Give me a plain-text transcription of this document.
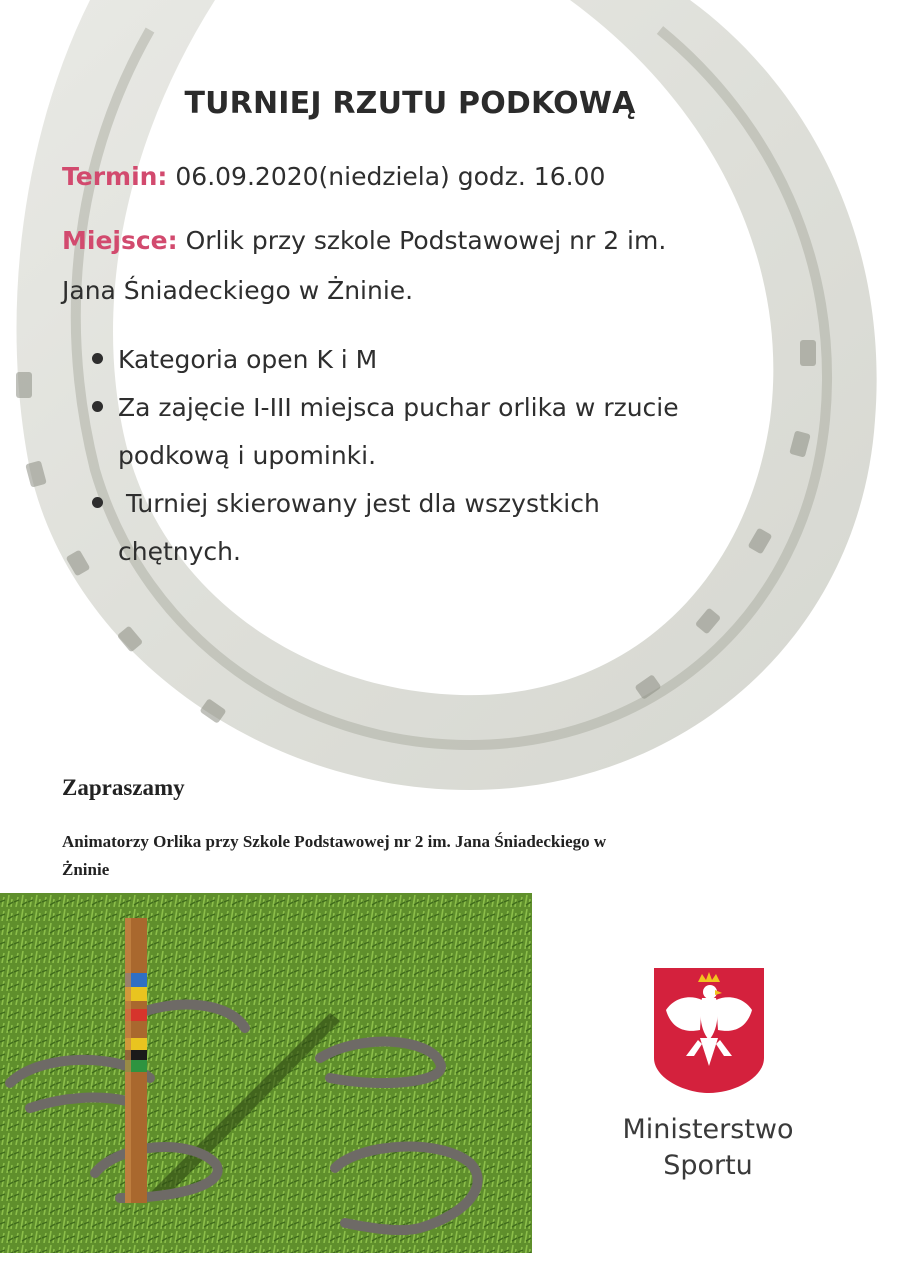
TURNIEJ RZUTU PODKOWĄ
Termin: 06.09.2020(niedziela) godz. 16.00
Miejsce: Orlik przy szkole Podstawowej nr 2 im.
Jana Śniadeckiego w Żninie.
Kategoria open K i M
Za zajęcie I-III miejsca puchar orlika w rzucie
podkową i upominki.
Turniej skierowany jest dla wszystkich
chętnych.
Zapraszamy
Animatorzy Orlika przy Szkole Podstawowej nr 2 im. Jana Śniadeckiego w
Żninie
Ministerstwo
Sportu
